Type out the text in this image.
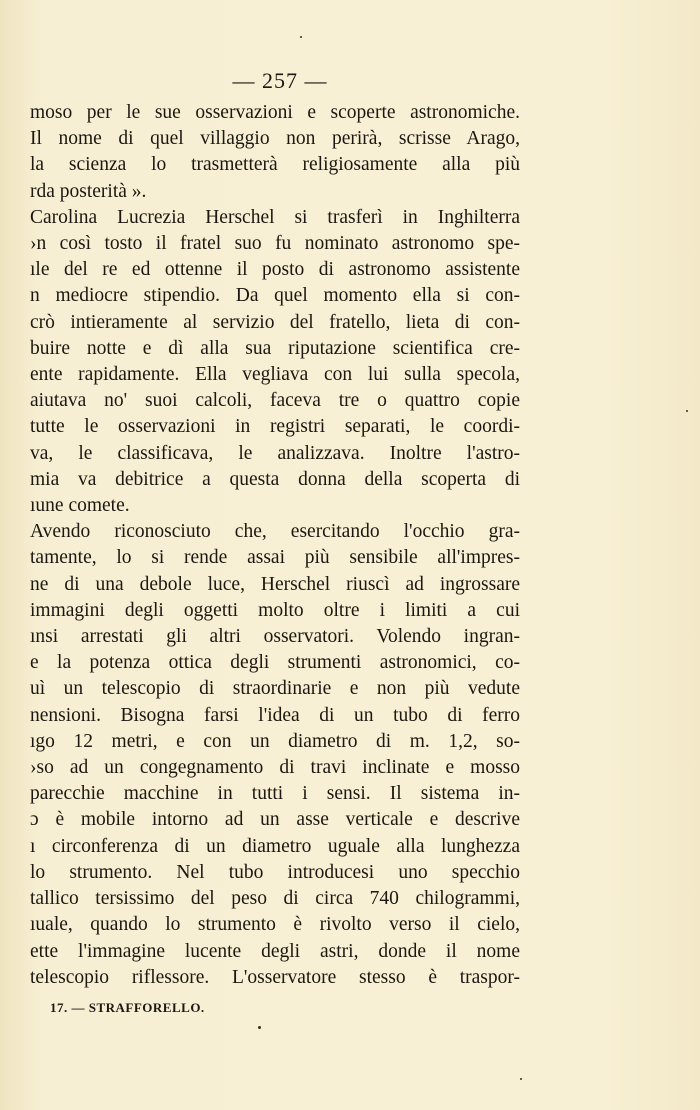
— 257 —
moso per le sue osservazioni e scoperte astronomiche.
Il nome di quel villaggio non perirà, scrisse Arago,
la scienza lo trasmetterà religiosamente alla più
rda posterità ».
Carolina Lucrezia Herschel si trasferì in Inghilterra
›n così tosto il fratel suo fu nominato astronomo spe-
ıle del re ed ottenne il posto di astronomo assistente
n mediocre stipendio. Da quel momento ella si con-
crò intieramente al servizio del fratello, lieta di con-
buire notte e dì alla sua riputazione scientifica cre-
ente rapidamente. Ella vegliava con lui sulla specola,
aiutava no' suoi calcoli, faceva tre o quattro copie
tutte le osservazioni in registri separati, le coordi-
va, le classificava, le analizzava. Inoltre l'astro-
mia va debitrice a questa donna della scoperta di
ıune comete.
Avendo riconosciuto che, esercitando l'occhio gra-
tamente, lo si rende assai più sensibile all'impres-
ne di una debole luce, Herschel riuscì ad ingrossare
immagini degli oggetti molto oltre i limiti a cui
ınsi arrestati gli altri osservatori. Volendo ingran-
e la potenza ottica degli strumenti astronomici, co-
uì un telescopio di straordinarie e non più vedute
nensioni. Bisogna farsi l'idea di un tubo di ferro
ıgo 12 metri, e con un diametro di m. 1,2, so-
›so ad un congegnamento di travi inclinate e mosso
parecchie macchine in tutti i sensi. Il sistema in-
ɔ è mobile intorno ad un asse verticale e descrive
ı circonferenza di un diametro uguale alla lunghezza
lo strumento. Nel tubo introducesi uno specchio
tallico tersissimo del peso di circa 740 chilogrammi,
ıuale, quando lo strumento è rivolto verso il cielo,
ette l'immagine lucente degli astri, donde il nome
telescopio riflessore. L'osservatore stesso è traspor-
17. — STRAFFORELLO.
